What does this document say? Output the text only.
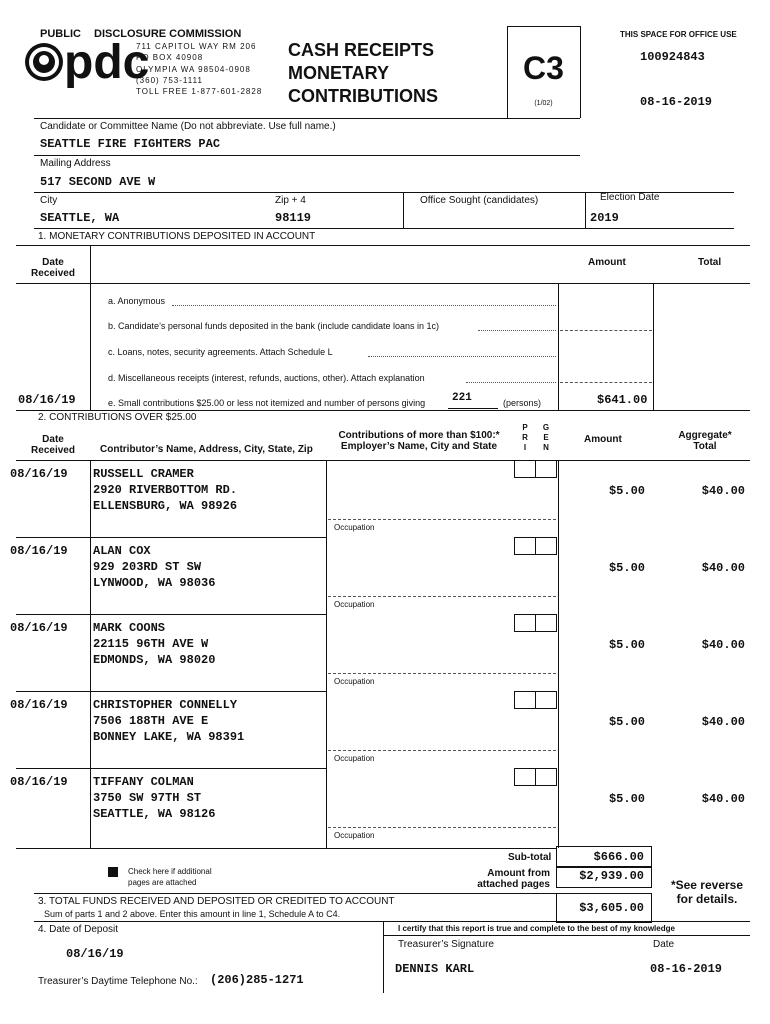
PUBLIC DISCLOSURE COMMISSION
pdc
711 CAPITOL WAY RM 206
PO BOX 40908
OLYMPIA WA 98504-0908
(360) 753-1111
TOLL FREE 1-877-601-2828
CASH RECEIPTS
MONETARY
CONTRIBUTIONS
C3
(1/02)
THIS SPACE FOR OFFICE USE
100924843
08-16-2019
Candidate or Committee Name (Do not abbreviate. Use full name.)
SEATTLE FIRE FIGHTERS PAC
Mailing Address
517 SECOND AVE W
City
SEATTLE, WA
Zip + 4
98119
Office Sought (candidates)	Election Date
2019
1. MONETARY CONTRIBUTIONS DEPOSITED IN ACCOUNT
Date
Received
Amount	Total
a. Anonymous
b. Candidate’s personal funds deposited in the bank (include candidate loans in 1c)
c. Loans, notes, security agreements. Attach Schedule L
d. Miscellaneous receipts (interest, refunds, auctions, other). Attach explanation
08/16/19	e. Small contributions $25.00 or less not itemized and number of persons giving 221	(persons)	$641.00
2. CONTRIBUTIONS OVER $25.00
Date
Received	Contributor’s Name, Address, City, State, Zip
Contributions of more than $100:*
Employer’s Name, City and State
P
R
I
G
E
N
Amount	Aggregate*
Total
08/16/19 RUSSELL CRAMER
2920 RIVERBOTTOM RD.
ELLENSBURG, WA 98926
Occupation
$5.00	$40.00
08/16/19 ALAN COX
929 203RD ST SW
LYNWOOD, WA 98036
Occupation
$5.00	$40.00
08/16/19 MARK COONS
22115 96TH AVE W
EDMONDS, WA 98020
Occupation
$5.00	$40.00
08/16/19 CHRISTOPHER CONNELLY
7506 188TH AVE E
BONNEY LAKE, WA 98391
Occupation
$5.00	$40.00
08/16/19 TIFFANY COLMAN
3750 SW 97TH ST
SEATTLE, WA 98126
Occupation
$5.00	$40.00
Check here if additional
pages are attached
Sub-total
Amount from
attached pages
$666.00
$2,939.00
*See reverse
for details.
3. TOTAL FUNDS RECEIVED AND DEPOSITED OR CREDITED TO ACCOUNT
Sum of parts 1 and 2 above. Enter this amount in line 1, Schedule A to C4.	$3,605.00
4. Date of Deposit
08/16/19
I certify that this report is true and complete to the best of my knowledge
Treasurer’s Signature	Date
DENNIS KARL	08-16-2019
Treasurer’s Daytime Telephone No.: (206)285-1271
